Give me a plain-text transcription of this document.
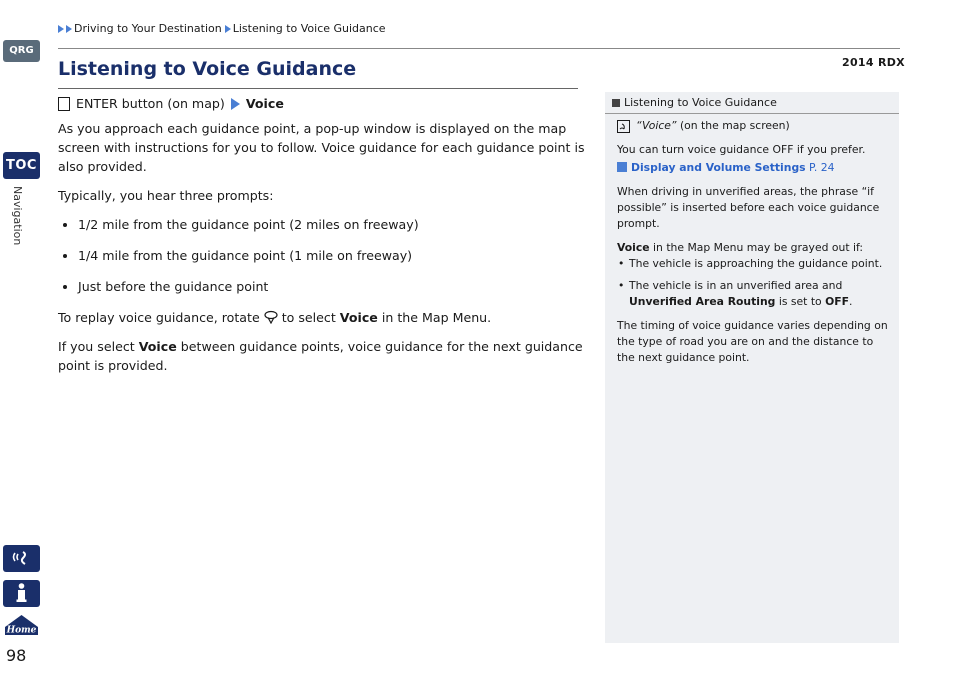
QRG
TOC
Navigation
Home
98
Driving to Your Destination Listening to Voice Guidance
2014 RDX
Listening to Voice Guidance

ENTER button (on map) Voice

As you approach each guidance point, a pop-up window is displayed on the map screen with instructions for you to follow. Voice guidance for each guidance point is also provided.

Typically, you hear three prompts:

• 1/2 mile from the guidance point (2 miles on freeway)
• 1/4 mile from the guidance point (1 mile on freeway)
• Just before the guidance point

To replay voice guidance, rotate  to select Voice in the Map Menu.

If you select Voice between guidance points, voice guidance for the next guidance point is provided.

Listening to Voice Guidance

“Voice” (on the map screen)

You can turn voice guidance OFF if you prefer.

Display and Volume Settings P. 24

When driving in unverified areas, the phrase “if possible” is inserted before each voice guidance prompt.

Voice in the Map Menu may be grayed out if:

• The vehicle is approaching the guidance point.
• The vehicle is in an unverified area and Unverified Area Routing is set to OFF.

The timing of voice guidance varies depending on the type of road you are on and the distance to the next guidance point.
